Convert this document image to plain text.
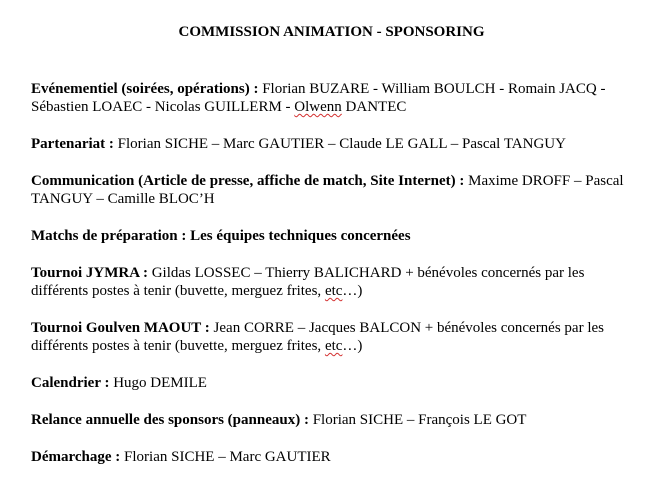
COMMISSION ANIMATION - SPONSORING
Evénementiel (soirées, opérations) : Florian BUZARE - William BOULCH - Romain JACQ - Sébastien LOAEC - Nicolas GUILLERM - Olwenn DANTEC
Partenariat : Florian SICHE – Marc GAUTIER – Claude LE GALL – Pascal TANGUY
Communication (Article de presse, affiche de match, Site Internet) : Maxime DROFF – Pascal TANGUY – Camille BLOC’H
Matchs de préparation : Les équipes techniques concernées
Tournoi JYMRA : Gildas LOSSEC – Thierry BALICHARD + bénévoles concernés par les différents postes à tenir (buvette, merguez frites, etc…)
Tournoi Goulven MAOUT : Jean CORRE – Jacques BALCON + bénévoles concernés par les différents postes à tenir (buvette, merguez frites, etc…)
Calendrier : Hugo DEMILE
Relance annuelle des sponsors (panneaux) : Florian SICHE – François LE GOT
Démarchage : Florian SICHE – Marc GAUTIER
